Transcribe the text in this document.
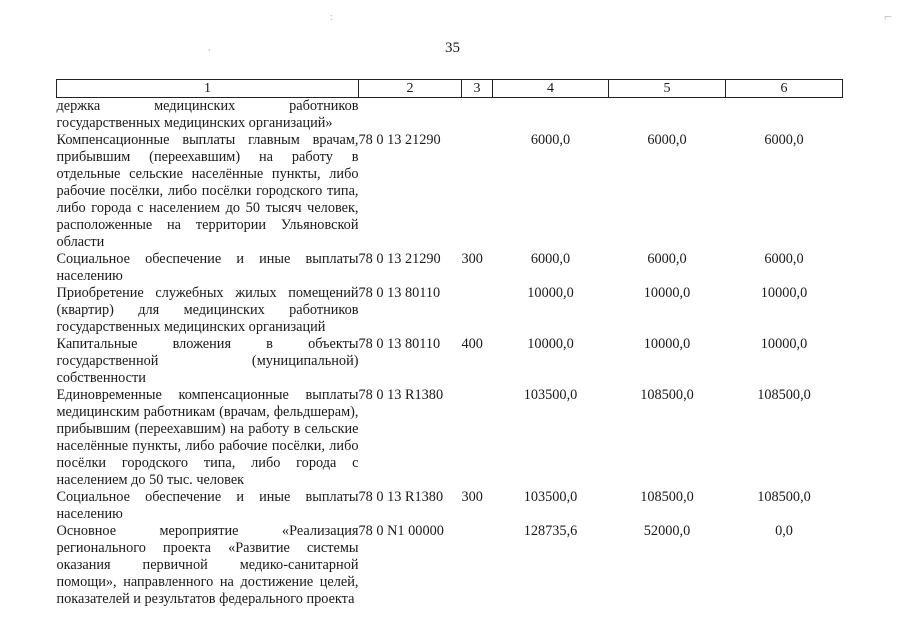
,
:	⌐
35
1	2	3	4	5	6
держка медицинских работников государственных медицинских организаций»					
Компенсационные выплаты главным врачам, прибывшим (переехавшим) на работу в отдельные сельские населённые пункты, либо рабочие посёлки, либо посёлки городского типа, либо города с населением до 50 тысяч человек, расположенные на территории Ульяновской области	78 0 13 21290		6000,0	6000,0	6000,0
Социальное обеспечение и иные выплаты населению	78 0 13 21290	300	6000,0	6000,0	6000,0
Приобретение служебных жилых помещений (квартир) для медицинских работников государственных медицинских организаций	78 0 13 80110		10000,0	10000,0	10000,0
Капитальные вложения в объекты государственной (муниципальной) собственности	78 0 13 80110	400	10000,0	10000,0	10000,0
Единовременные компенсационные выплаты медицинским работникам (врачам, фельдшерам), прибывшим (переехавшим) на работу в сельские населённые пункты, либо рабочие посёлки, либо посёлки городского типа, либо города с населением до 50 тыс. человек	78 0 13 R1380		103500,0	108500,0	108500,0
Социальное обеспечение и иные выплаты населению	78 0 13 R1380	300	103500,0	108500,0	108500,0
Основное мероприятие «Реализация регионального проекта «Развитие системы оказания первичной медико-санитарной помощи», направленного на достижение целей, показателей и результатов федерального проекта	78 0 N1 00000		128735,6	52000,0	0,0
